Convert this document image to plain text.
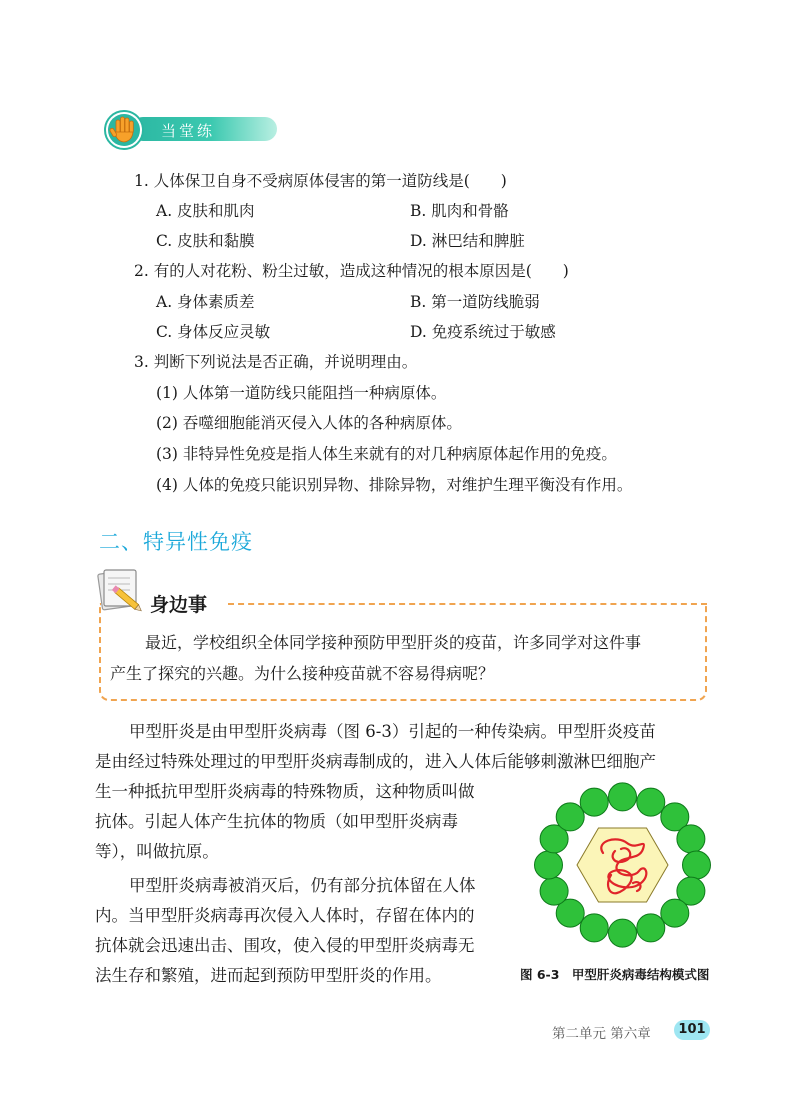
当堂练
1. 人体保卫自身不受病原体侵害的第一道防线是(　　)
A. 皮肤和肌肉	B. 肌肉和骨骼
C. 皮肤和黏膜	D. 淋巴结和脾脏
2. 有的人对花粉、粉尘过敏，造成这种情况的根本原因是(　　)
A. 身体素质差	B. 第一道防线脆弱
C. 身体反应灵敏	D. 免疫系统过于敏感
3. 判断下列说法是否正确，并说明理由。
(1) 人体第一道防线只能阻挡一种病原体。
(2) 吞噬细胞能消灭侵入人体的各种病原体。
(3) 非特异性免疫是指人体生来就有的对几种病原体起作用的免疫。
(4) 人体的免疫只能识别异物、排除异物，对维护生理平衡没有作用。
二、特异性免疫
身边事
最近，学校组织全体同学接种预防甲型肝炎的疫苗，许多同学对这件事
产生了探究的兴趣。为什么接种疫苗就不容易得病呢？
甲型肝炎是由甲型肝炎病毒（图 6-3）引起的一种传染病。甲型肝炎疫苗
是由经过特殊处理过的甲型肝炎病毒制成的，进入人体后能够刺激淋巴细胞产
生一种抵抗甲型肝炎病毒的特殊物质，这种物质叫做
抗体。引起人体产生抗体的物质（如甲型肝炎病毒
等），叫做抗原。
甲型肝炎病毒被消灭后，仍有部分抗体留在人体
内。当甲型肝炎病毒再次侵入人体时，存留在体内的
抗体就会迅速出击、围攻，使入侵的甲型肝炎病毒无
法生存和繁殖，进而起到预防甲型肝炎的作用。	图 6-3　甲型肝炎病毒结构模式图
第二单元 第六章	101
